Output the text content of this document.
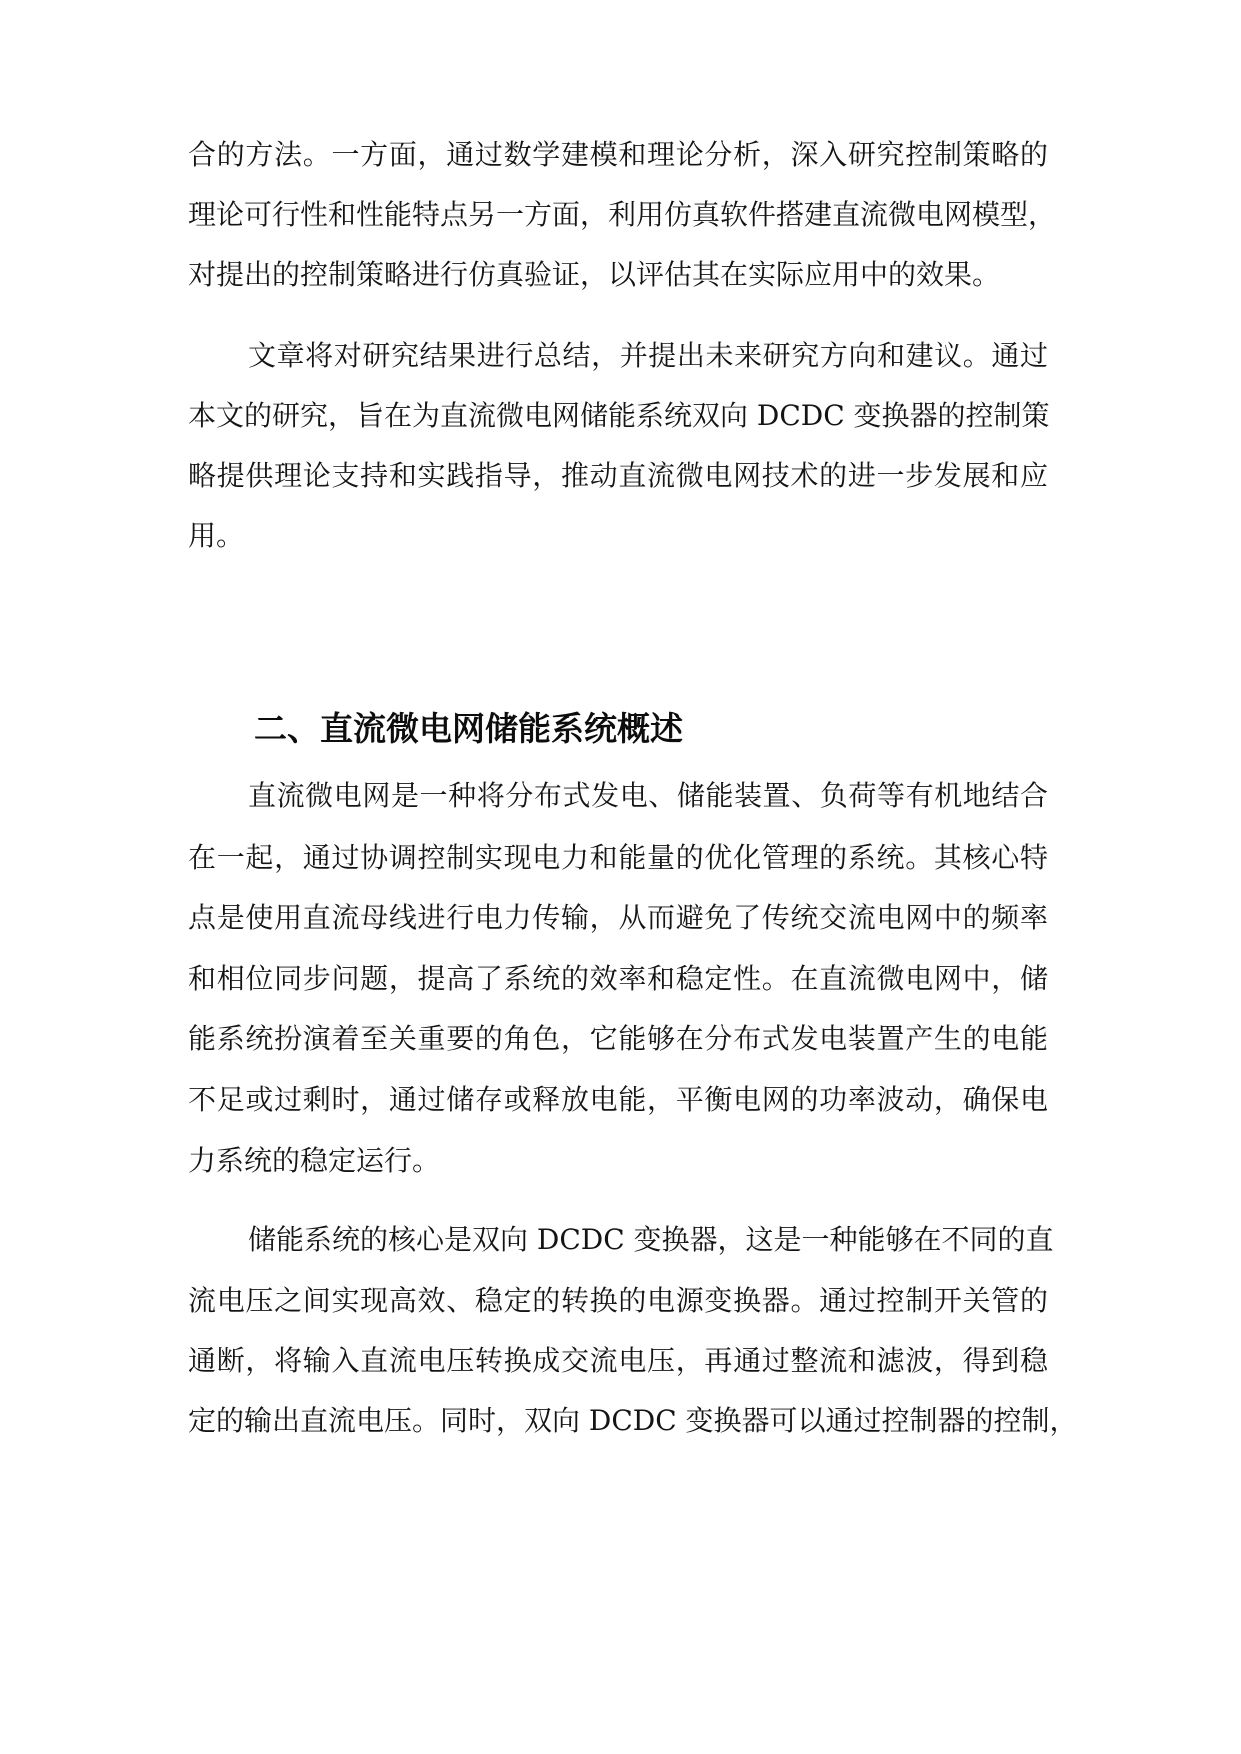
合的方法。一方面，通过数学建模和理论分析，深入研究控制策略的
理论可行性和性能特点另一方面，利用仿真软件搭建直流微电网模型，
对提出的控制策略进行仿真验证，以评估其在实际应用中的效果。
文章将对研究结果进行总结，并提出未来研究方向和建议。通过
本文的研究，旨在为直流微电网储能系统双向 DCDC 变换器的控制策
略提供理论支持和实践指导，推动直流微电网技术的进一步发展和应
用。
二、直流微电网储能系统概述
直流微电网是一种将分布式发电、储能装置、负荷等有机地结合
在一起，通过协调控制实现电力和能量的优化管理的系统。其核心特
点是使用直流母线进行电力传输，从而避免了传统交流电网中的频率
和相位同步问题，提高了系统的效率和稳定性。在直流微电网中，储
能系统扮演着至关重要的角色，它能够在分布式发电装置产生的电能
不足或过剩时，通过储存或释放电能，平衡电网的功率波动，确保电
力系统的稳定运行。
储能系统的核心是双向 DCDC 变换器，这是一种能够在不同的直
流电压之间实现高效、稳定的转换的电源变换器。通过控制开关管的
通断，将输入直流电压转换成交流电压，再通过整流和滤波，得到稳
定的输出直流电压。同时，双向 DCDC 变换器可以通过控制器的控制，
